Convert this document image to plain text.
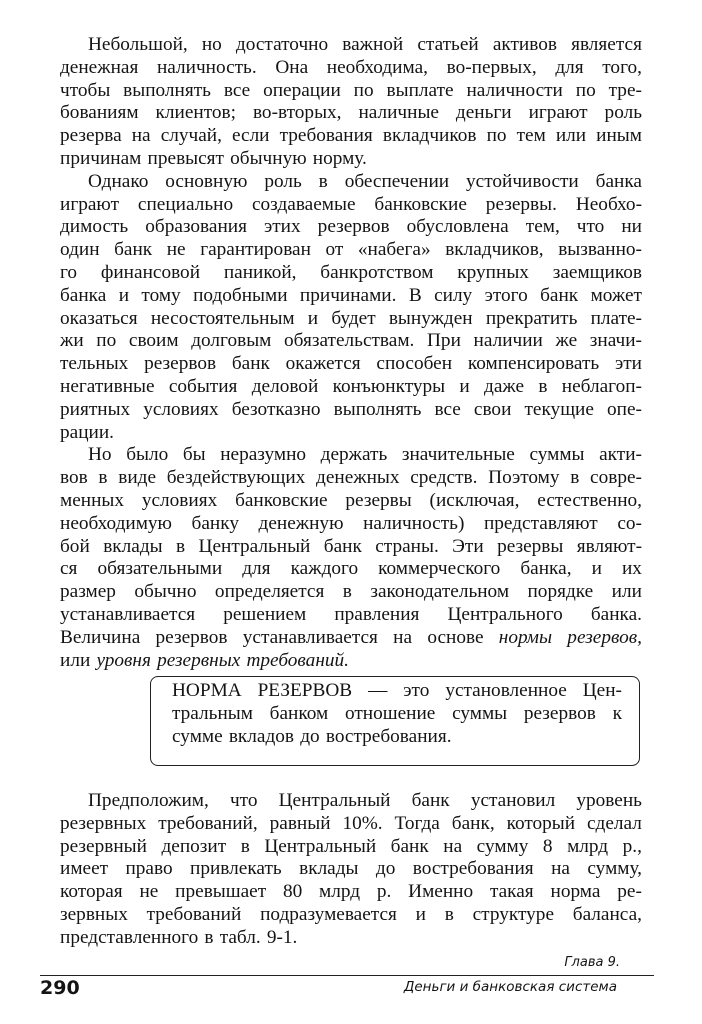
Небольшой, но достаточно важной статьей активов является
денежная наличность. Она необходима, во-первых, для того,
чтобы выполнять все операции по выплате наличности по тре-
бованиям клиентов; во-вторых, наличные деньги играют роль
резерва на случай, если требования вкладчиков по тем или иным
причинам превысят обычную норму.
Однако основную роль в обеспечении устойчивости банка
играют специально создаваемые банковские резервы. Необхо-
димость образования этих резервов обусловлена тем, что ни
один банк не гарантирован от «набега» вкладчиков, вызванно-
го финансовой паникой, банкротством крупных заемщиков
банка и тому подобными причинами. В силу этого банк может
оказаться несостоятельным и будет вынужден прекратить плате-
жи по своим долговым обязательствам. При наличии же значи-
тельных резервов банк окажется способен компенсировать эти
негативные события деловой конъюнктуры и даже в неблагоп-
риятных условиях безотказно выполнять все свои текущие опе-
рации.
Но было бы неразумно держать значительные суммы акти-
вов в виде бездействующих денежных средств. Поэтому в совре-
менных условиях банковские резервы (исключая, естественно,
необходимую банку денежную наличность) представляют со-
бой вклады в Центральный банк страны. Эти резервы являют-
ся обязательными для каждого коммерческого банка, и их
размер обычно определяется в законодательном порядке или
устанавливается решением правления Центрального банка.
Величина резервов устанавливается на основе нормы резервов,
или уровня резервных требований.
НОРМА РЕЗЕРВОВ — это установленное Цен-
тральным банком отношение суммы резервов к
сумме вкладов до востребования.
Предположим, что Центральный банк установил уровень
резервных требований, равный 10%. Тогда банк, который сделал
резервный депозит в Центральный банк на сумму 8 млрд р.,
имеет право привлекать вклады до востребования на сумму,
которая не превышает 80 млрд р. Именно такая норма ре-
зервных требований подразумевается и в структуре баланса,
представленного в табл. 9-1.
Глава 9.
290	Деньги и банковская система
